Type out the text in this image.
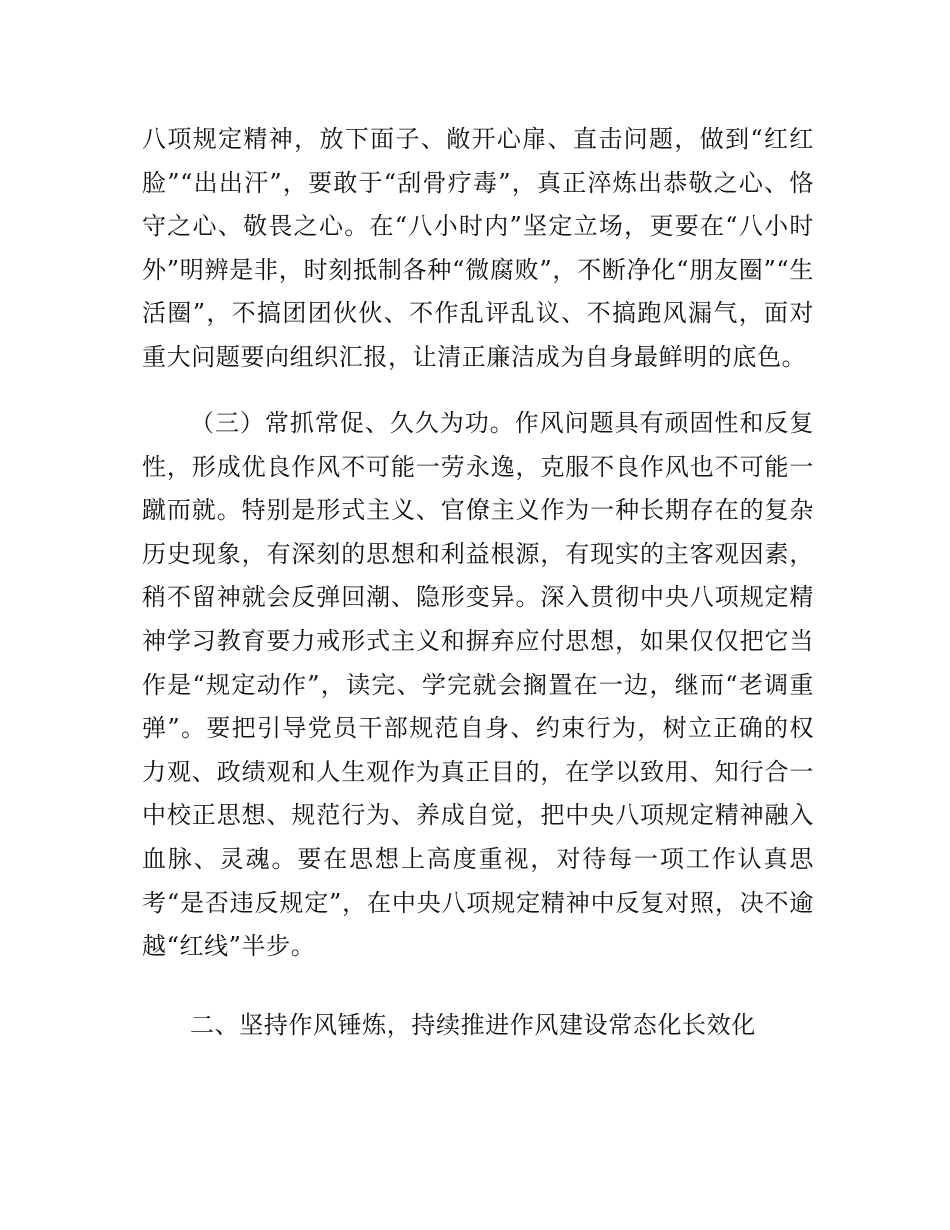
八项规定精神，放下面子、敞开心扉、直击问题，做到“红红脸”“出出汗”，要敢于“刮骨疗毒”，真正淬炼出恭敬之心、恪守之心、敬畏之心。在“八小时内”坚定立场，更要在“八小时外”明辨是非，时刻抵制各种“微腐败”，不断净化“朋友圈”“生活圈”，不搞团团伙伙、不作乱评乱议、不搞跑风漏气，面对重大问题要向组织汇报，让清正廉洁成为自身最鲜明的底色。

（三）常抓常促、久久为功。作风问题具有顽固性和反复性，形成优良作风不可能一劳永逸，克服不良作风也不可能一蹴而就。特别是形式主义、官僚主义作为一种长期存在的复杂历史现象，有深刻的思想和利益根源，有现实的主客观因素，稍不留神就会反弹回潮、隐形变异。深入贯彻中央八项规定精神学习教育要力戒形式主义和摒弃应付思想，如果仅仅把它当作是“规定动作”，读完、学完就会搁置在一边，继而“老调重弹”。要把引导党员干部规范自身、约束行为，树立正确的权力观、政绩观和人生观作为真正目的，在学以致用、知行合一中校正思想、规范行为、养成自觉，把中央八项规定精神融入血脉、灵魂。要在思想上高度重视，对待每一项工作认真思考“是否违反规定”，在中央八项规定精神中反复对照，决不逾越“红线”半步。

二、坚持作风锤炼，持续推进作风建设常态化长效化
